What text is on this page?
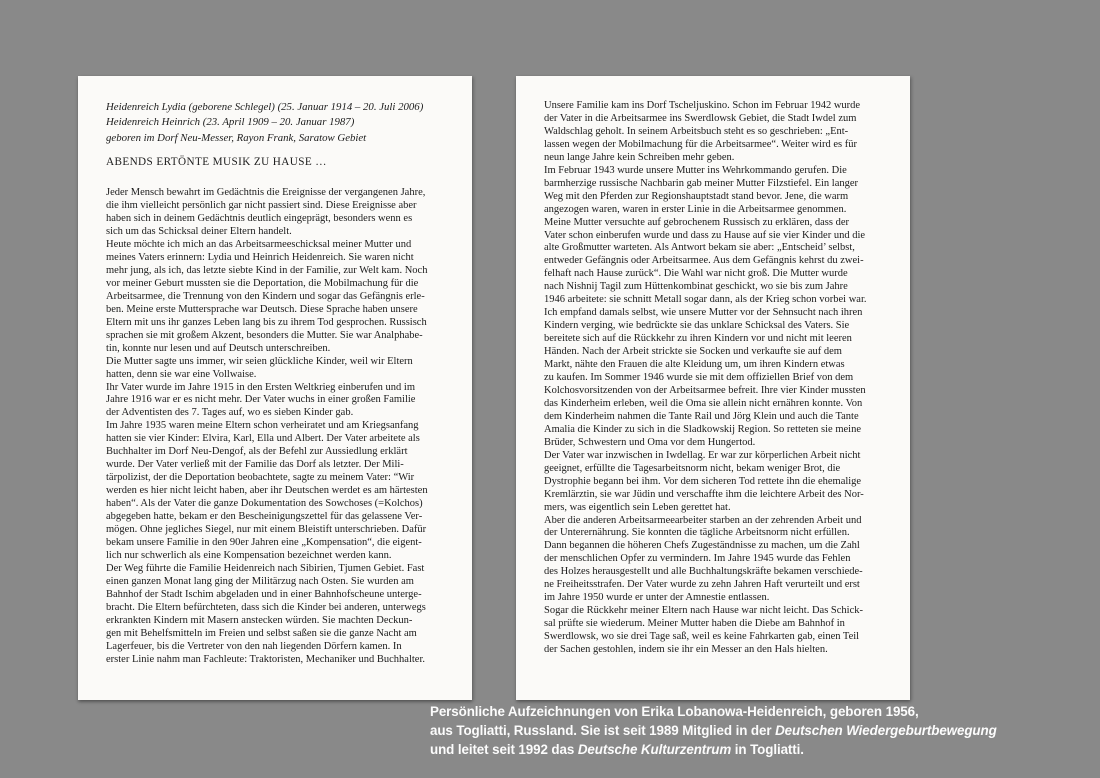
Heidenreich Lydia (geborene Schlegel) (25. Januar 1914 – 20. Juli 2006)
Heidenreich Heinrich (23. April 1909 – 20. Januar 1987)
geboren im Dorf Neu-Messer, Rayon Frank, Saratow Gebiet
ABENDS ERTÖNTE MUSIK ZU HAUSE …
Jeder Mensch bewahrt im Gedächtnis die Ereignisse der vergangenen Jahre,
die ihm vielleicht persönlich gar nicht passiert sind. Diese Ereignisse aber
haben sich in deinem Gedächtnis deutlich eingeprägt, besonders wenn es
sich um das Schicksal deiner Eltern handelt.
Heute möchte ich mich an das Arbeitsarmeeschicksal meiner Mutter und
meines Vaters erinnern: Lydia und Heinrich Heidenreich. Sie waren nicht
mehr jung, als ich, das letzte siebte Kind in der Familie, zur Welt kam. Noch
vor meiner Geburt mussten sie die Deportation, die Mobilmachung für die
Arbeitsarmee, die Trennung von den Kindern und sogar das Gefängnis erle-
ben. Meine erste Muttersprache war Deutsch. Diese Sprache haben unsere
Eltern mit uns ihr ganzes Leben lang bis zu ihrem Tod gesprochen. Russisch
sprachen sie mit großem Akzent, besonders die Mutter. Sie war Analphabe-
tin, konnte nur lesen und auf Deutsch unterschreiben.
Die Mutter sagte uns immer, wir seien glückliche Kinder, weil wir Eltern
hatten, denn sie war eine Vollwaise.
Ihr Vater wurde im Jahre 1915 in den Ersten Weltkrieg einberufen und im
Jahre 1916 war er es nicht mehr. Der Vater wuchs in einer großen Familie
der Adventisten des 7. Tages auf, wo es sieben Kinder gab.
Im Jahre 1935 waren meine Eltern schon verheiratet und am Kriegsanfang
hatten sie vier Kinder: Elvira, Karl, Ella und Albert. Der Vater arbeitete als
Buchhalter im Dorf Neu-Dengof, als der Befehl zur Aussiedlung erklärt
wurde. Der Vater verließ mit der Familie das Dorf als letzter. Der Mili-
tärpolizist, der die Deportation beobachtete, sagte zu meinem Vater: “Wir
werden es hier nicht leicht haben, aber ihr Deutschen werdet es am härtesten
haben“. Als der Vater die ganze Dokumentation des Sowchoses (=Kolchos)
abgegeben hatte, bekam er den Bescheinigungszettel für das gelassene Ver-
mögen. Ohne jegliches Siegel, nur mit einem Bleistift unterschrieben. Dafür
bekam unsere Familie in den 90er Jahren eine „Kompensation“, die eigent-
lich nur schwerlich als eine Kompensation bezeichnet werden kann.
Der Weg führte die Familie Heidenreich nach Sibirien, Tjumen Gebiet. Fast
einen ganzen Monat lang ging der Militärzug nach Osten. Sie wurden am
Bahnhof der Stadt Ischim abgeladen und in einer Bahnhofscheune unterge-
bracht. Die Eltern befürchteten, dass sich die Kinder bei anderen, unterwegs
erkrankten Kindern mit Masern anstecken würden. Sie machten Deckun-
gen mit Behelfsmitteln im Freien und selbst saßen sie die ganze Nacht am
Lagerfeuer, bis die Vertreter von den nah liegenden Dörfern kamen. In
erster Linie nahm man Fachleute: Traktoristen, Mechaniker und Buchhalter.
Unsere Familie kam ins Dorf Tscheljuskino. Schon im Februar 1942 wurde
der Vater in die Arbeitsarmee ins Swerdlowsk Gebiet, die Stadt Iwdel zum
Waldschlag geholt. In seinem Arbeitsbuch steht es so geschrieben: „Ent-
lassen wegen der Mobilmachung für die Arbeitsarmee“. Weiter wird es für
neun lange Jahre kein Schreiben mehr geben.
Im Februar 1943 wurde unsere Mutter ins Wehrkommando gerufen. Die
barmherzige russische Nachbarin gab meiner Mutter Filzstiefel. Ein langer
Weg mit den Pferden zur Regionshauptstadt stand bevor. Jene, die warm
angezogen waren, waren in erster Linie in die Arbeitsarmee genommen.
Meine Mutter versuchte auf gebrochenem Russisch zu erklären, dass der
Vater schon einberufen wurde und dass zu Hause auf sie vier Kinder und die
alte Großmutter warteten. Als Antwort bekam sie aber: „Entscheid’ selbst,
entweder Gefängnis oder Arbeitsarmee. Aus dem Gefängnis kehrst du zwei-
felhaft nach Hause zurück“. Die Wahl war nicht groß. Die Mutter wurde
nach Nishnij Tagil zum Hüttenkombinat geschickt, wo sie bis zum Jahre
1946 arbeitete: sie schnitt Metall sogar dann, als der Krieg schon vorbei war.
Ich empfand damals selbst, wie unsere Mutter vor der Sehnsucht nach ihren
Kindern verging, wie bedrückte sie das unklare Schicksal des Vaters. Sie
bereitete sich auf die Rückkehr zu ihren Kindern vor und nicht mit leeren
Händen. Nach der Arbeit strickte sie Socken und verkaufte sie auf dem
Markt, nähte den Frauen die alte Kleidung um, um ihren Kindern etwas
zu kaufen. Im Sommer 1946 wurde sie mit dem offiziellen Brief von dem
Kolchosvorsitzenden von der Arbeitsarmee befreit. Ihre vier Kinder mussten
das Kinderheim erleben, weil die Oma sie allein nicht ernähren konnte. Von
dem Kinderheim nahmen die Tante Rail und Jörg Klein und auch die Tante
Amalia die Kinder zu sich in die Sladkowskij Region. So retteten sie meine
Brüder, Schwestern und Oma vor dem Hungertod.
Der Vater war inzwischen in Iwdellag. Er war zur körperlichen Arbeit nicht
geeignet, erfüllte die Tagesarbeitsnorm nicht, bekam weniger Brot, die
Dystrophie begann bei ihm. Vor dem sicheren Tod rettete ihn die ehemalige
Kremlärztin, sie war Jüdin und verschaffte ihm die leichtere Arbeit des Nor-
mers, was eigentlich sein Leben gerettet hat.
Aber die anderen Arbeitsarmeearbeiter starben an der zehrenden Arbeit und
der Unterernährung. Sie konnten die tägliche Arbeitsnorm nicht erfüllen.
Dann begannen die höheren Chefs Zugeständnisse zu machen, um die Zahl
der menschlichen Opfer zu vermindern. Im Jahre 1945 wurde das Fehlen
des Holzes herausgestellt und alle Buchhaltungskräfte bekamen verschiede-
ne Freiheitsstrafen. Der Vater wurde zu zehn Jahren Haft verurteilt und erst
im Jahre 1950 wurde er unter der Amnestie entlassen.
Sogar die Rückkehr meiner Eltern nach Hause war nicht leicht. Das Schick-
sal prüfte sie wiederum. Meiner Mutter haben die Diebe am Bahnhof in
Swerdlowsk, wo sie drei Tage saß, weil es keine Fahrkarten gab, einen Teil
der Sachen gestohlen, indem sie ihr ein Messer an den Hals hielten.
Persönliche Aufzeichnungen von Erika Lobanowa-Heidenreich, geboren 1956,
aus Togliatti, Russland. Sie ist seit 1989 Mitglied in der Deutschen Wiedergeburtbewegung
und leitet seit 1992 das Deutsche Kulturzentrum in Togliatti.
